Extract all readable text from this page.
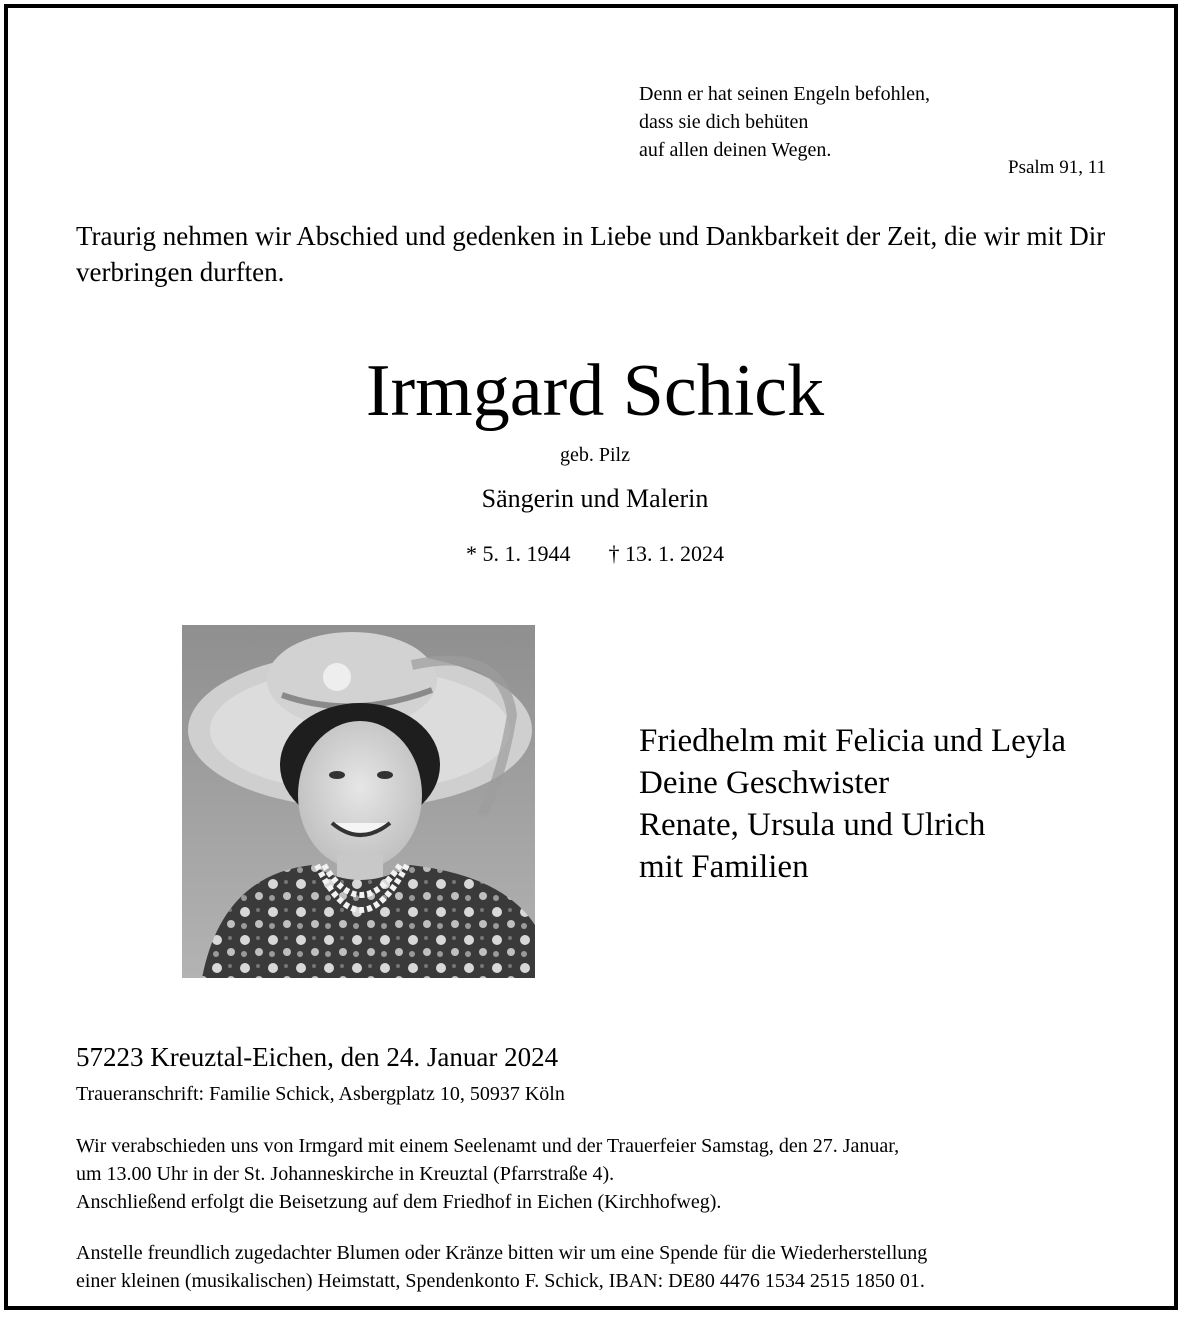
Denn er hat seinen Engeln befohlen,
dass sie dich behüten
auf allen deinen Wegen.
Psalm 91, 11
Traurig nehmen wir Abschied und gedenken in Liebe und Dankbarkeit der Zeit, die wir mit Dir verbringen durften.
Irmgard Schick
geb. Pilz
Sängerin und Malerin
* 5. 1. 1944 † 13. 1. 2024
Friedhelm mit Felicia und Leyla
Deine Geschwister
Renate, Ursula und Ulrich
mit Familien
57223 Kreuztal-Eichen, den 24. Januar 2024
Traueranschrift: Familie Schick, Asbergplatz 10, 50937 Köln
Wir verabschieden uns von Irmgard mit einem Seelenamt und der Trauerfeier Samstag, den 27. Januar,
um 13.00 Uhr in der St. Johanneskirche in Kreuztal (Pfarrstraße 4).
Anschließend erfolgt die Beisetzung auf dem Friedhof in Eichen (Kirchhofweg).
Anstelle freundlich zugedachter Blumen oder Kränze bitten wir um eine Spende für die Wiederherstellung
einer kleinen (musikalischen) Heimstatt, Spendenkonto F. Schick, IBAN: DE80 4476 1534 2515 1850 01.
